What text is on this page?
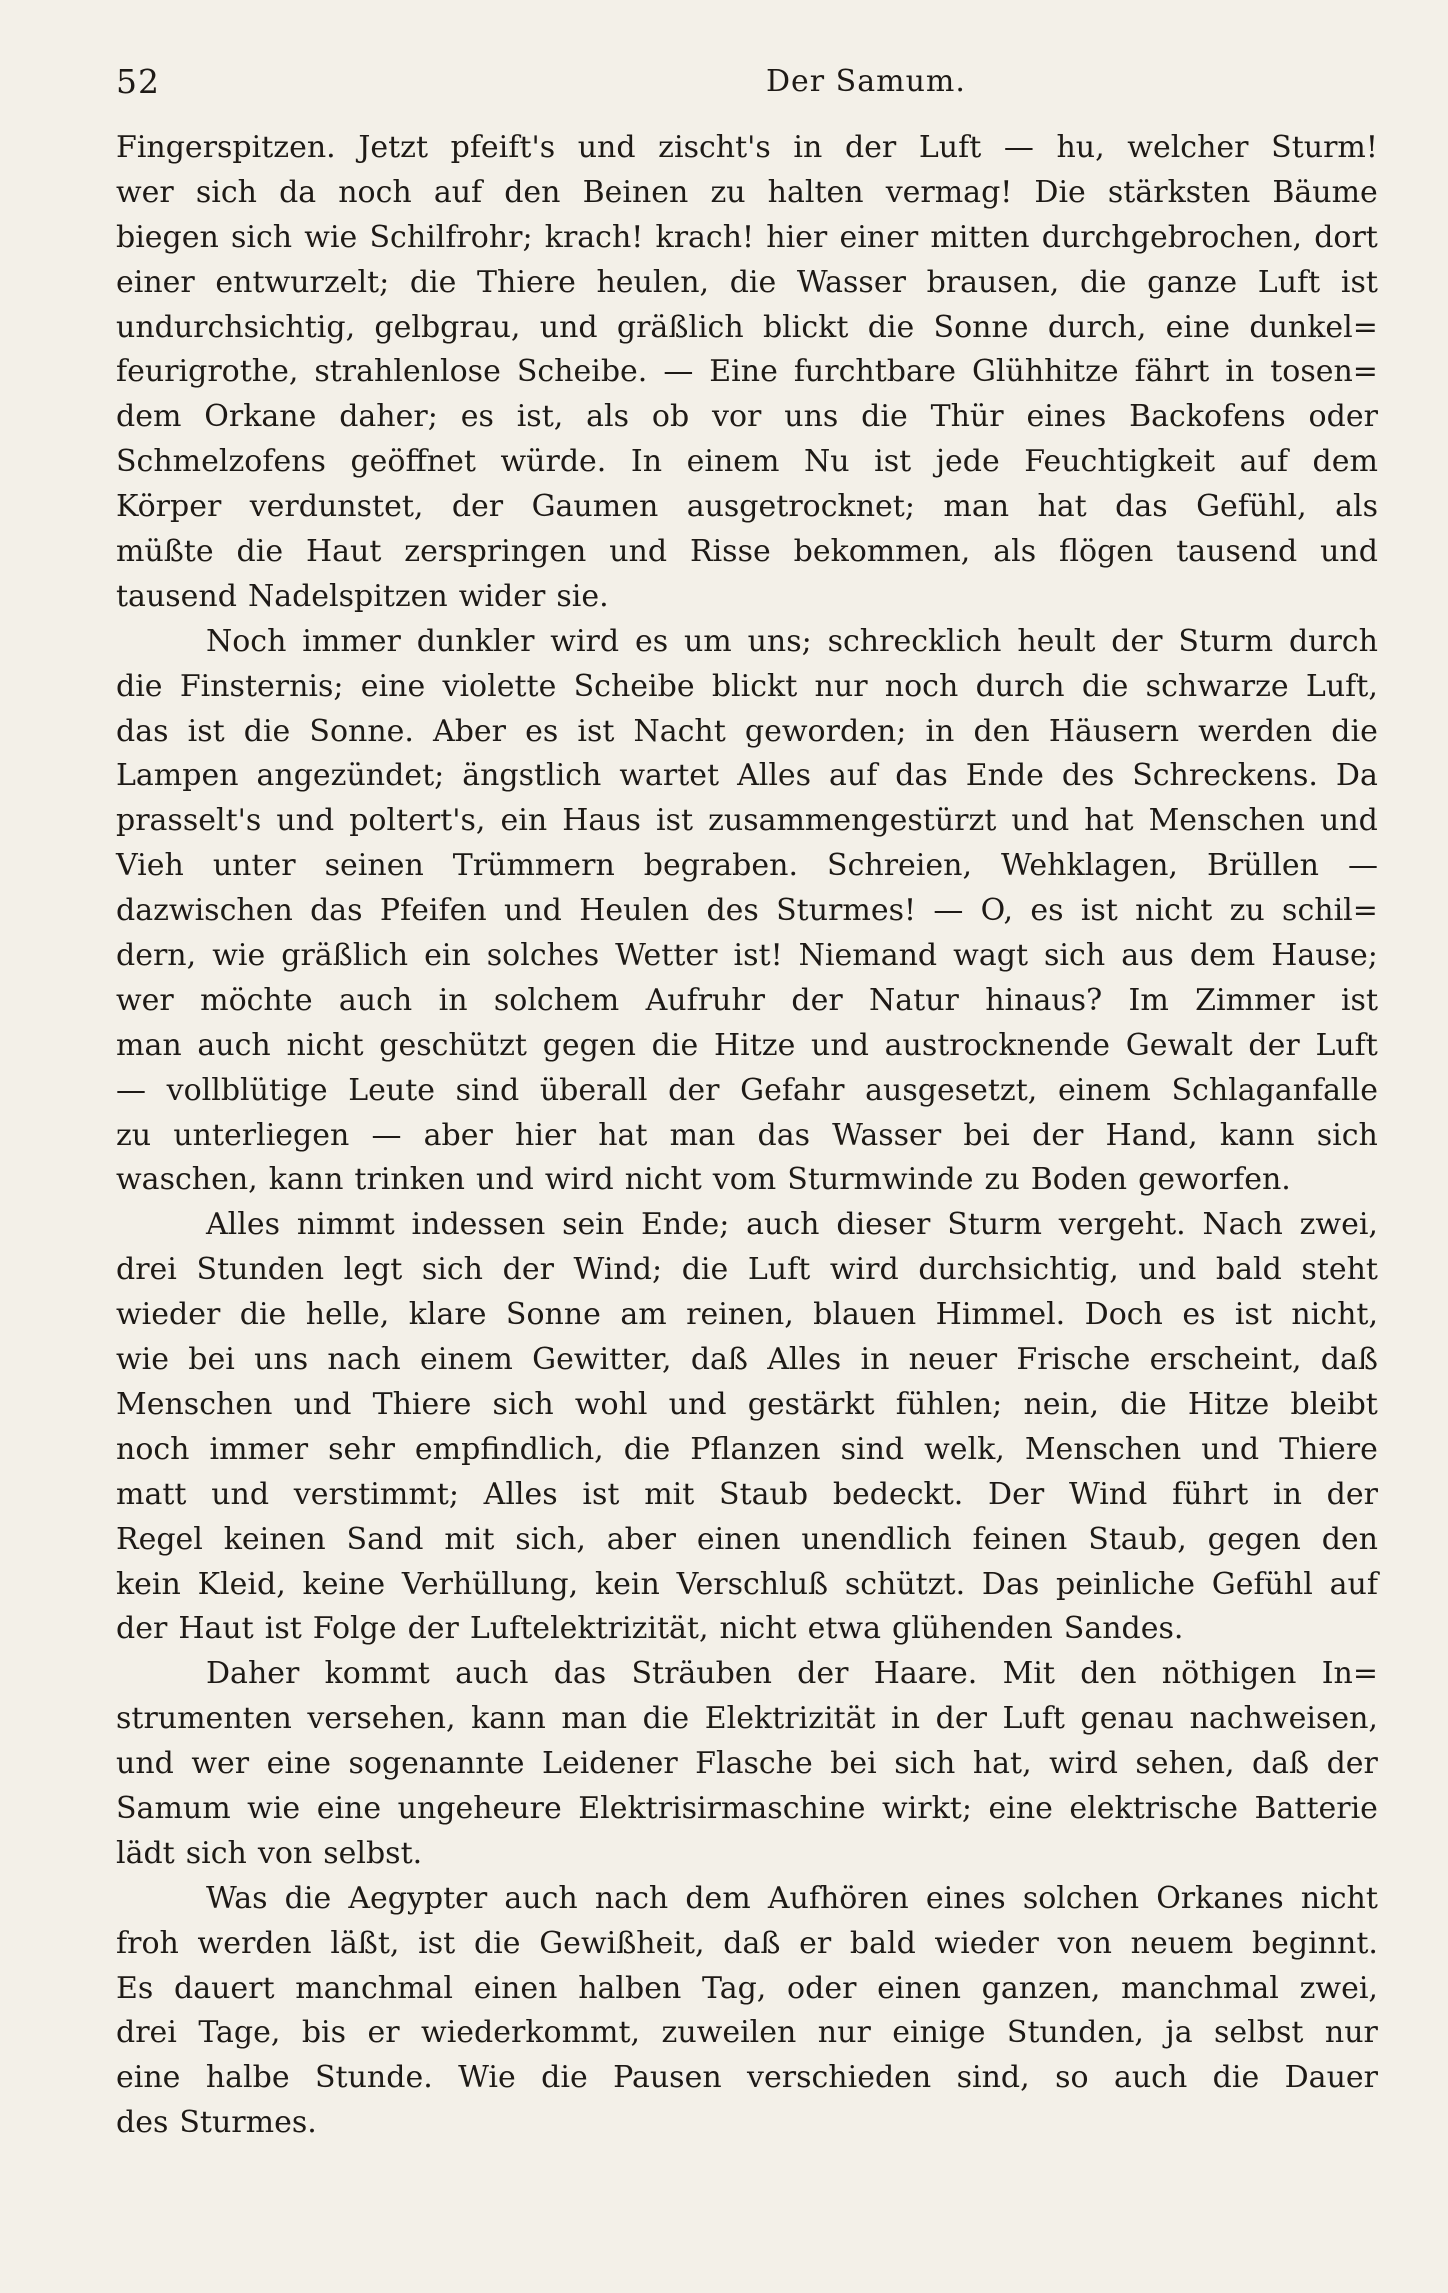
52	Der Samum.
Fingerspitzen. Jetzt pfeift's und zischt's in der Luft — hu, welcher Sturm!
wer sich da noch auf den Beinen zu halten vermag! Die stärksten Bäume
biegen sich wie Schilfrohr; krach! krach! hier einer mitten durchgebrochen, dort
einer entwurzelt; die Thiere heulen, die Wasser brausen, die ganze Luft ist
undurchsichtig, gelbgrau, und gräßlich blickt die Sonne durch, eine dunkel=
feurigrothe, strahlenlose Scheibe. — Eine furchtbare Glühhitze fährt in tosen=
dem Orkane daher; es ist, als ob vor uns die Thür eines Backofens oder
Schmelzofens geöffnet würde. In einem Nu ist jede Feuchtigkeit auf dem
Körper verdunstet, der Gaumen ausgetrocknet; man hat das Gefühl, als
müßte die Haut zerspringen und Risse bekommen, als flögen tausend und
tausend Nadelspitzen wider sie.
Noch immer dunkler wird es um uns; schrecklich heult der Sturm durch
die Finsternis; eine violette Scheibe blickt nur noch durch die schwarze Luft,
das ist die Sonne. Aber es ist Nacht geworden; in den Häusern werden die
Lampen angezündet; ängstlich wartet Alles auf das Ende des Schreckens. Da
prasselt's und poltert's, ein Haus ist zusammengestürzt und hat Menschen und
Vieh unter seinen Trümmern begraben. Schreien, Wehklagen, Brüllen —
dazwischen das Pfeifen und Heulen des Sturmes! — O, es ist nicht zu schil=
dern, wie gräßlich ein solches Wetter ist! Niemand wagt sich aus dem Hause;
wer möchte auch in solchem Aufruhr der Natur hinaus? Im Zimmer ist
man auch nicht geschützt gegen die Hitze und austrocknende Gewalt der Luft
— vollblütige Leute sind überall der Gefahr ausgesetzt, einem Schlaganfalle
zu unterliegen — aber hier hat man das Wasser bei der Hand, kann sich
waschen, kann trinken und wird nicht vom Sturmwinde zu Boden geworfen.
Alles nimmt indessen sein Ende; auch dieser Sturm vergeht. Nach zwei,
drei Stunden legt sich der Wind; die Luft wird durchsichtig, und bald steht
wieder die helle, klare Sonne am reinen, blauen Himmel. Doch es ist nicht,
wie bei uns nach einem Gewitter, daß Alles in neuer Frische erscheint, daß
Menschen und Thiere sich wohl und gestärkt fühlen; nein, die Hitze bleibt
noch immer sehr empfindlich, die Pflanzen sind welk, Menschen und Thiere
matt und verstimmt; Alles ist mit Staub bedeckt. Der Wind führt in der
Regel keinen Sand mit sich, aber einen unendlich feinen Staub, gegen den
kein Kleid, keine Verhüllung, kein Verschluß schützt. Das peinliche Gefühl auf
der Haut ist Folge der Luftelektrizität, nicht etwa glühenden Sandes.
Daher kommt auch das Sträuben der Haare. Mit den nöthigen In=
strumenten versehen, kann man die Elektrizität in der Luft genau nachweisen,
und wer eine sogenannte Leidener Flasche bei sich hat, wird sehen, daß der
Samum wie eine ungeheure Elektrisirmaschine wirkt; eine elektrische Batterie
lädt sich von selbst.
Was die Aegypter auch nach dem Aufhören eines solchen Orkanes nicht
froh werden läßt, ist die Gewißheit, daß er bald wieder von neuem beginnt.
Es dauert manchmal einen halben Tag, oder einen ganzen, manchmal zwei,
drei Tage, bis er wiederkommt, zuweilen nur einige Stunden, ja selbst nur
eine halbe Stunde. Wie die Pausen verschieden sind, so auch die Dauer
des Sturmes.
